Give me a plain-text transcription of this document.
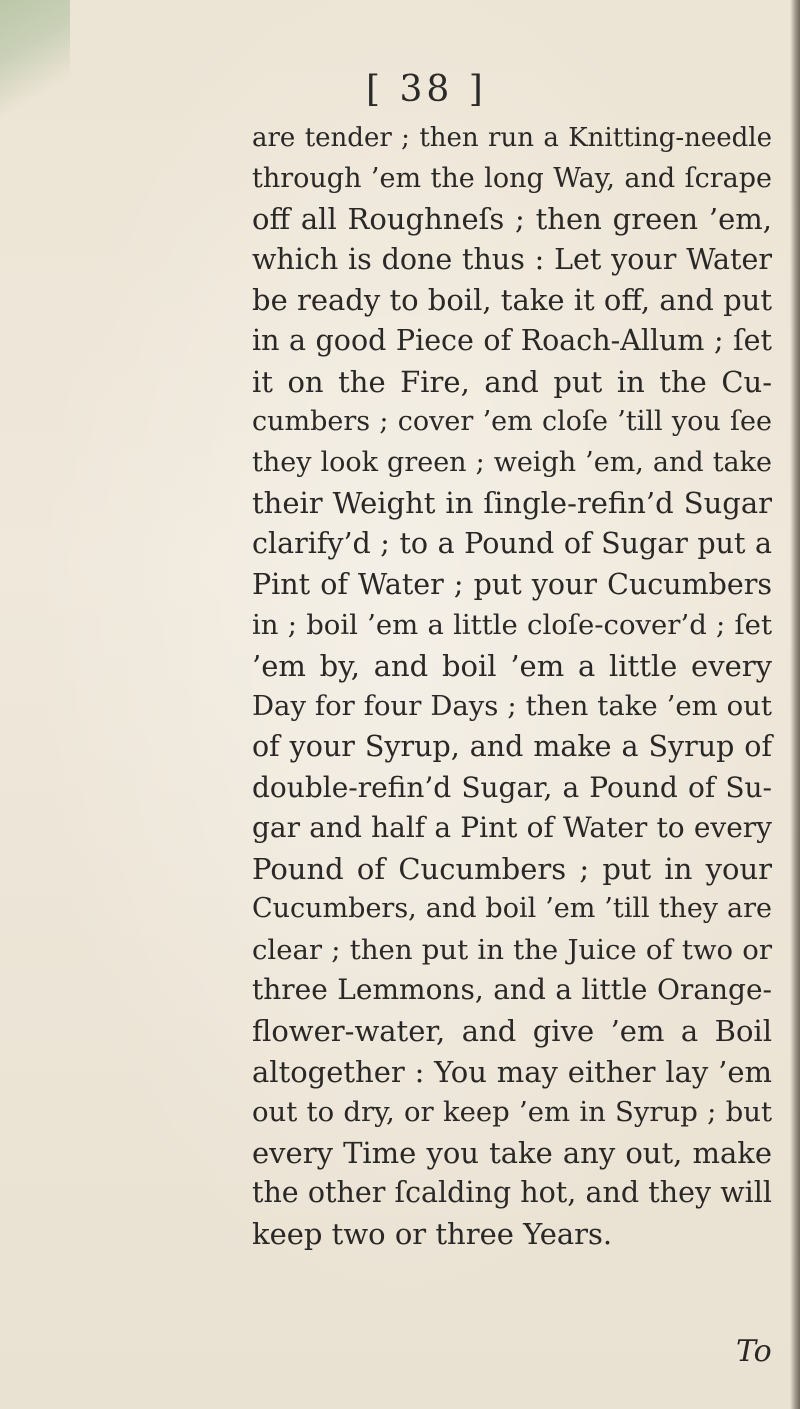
[ 38 ]
are tender ; then run a Knitting-needle
through ’em the long Way, and ſcrape
off all Roughneſs ; then green ’em,
which is done thus : Let your Water
be ready to boil, take it off, and put
in a good Piece of Roach-Allum ; ſet
it on the Fire, and put in the Cu-
cumbers ; cover ’em cloſe ’till you ſee
they look green ; weigh ’em, and take
their Weight in ſingle-refin’d Sugar
clarify’d ; to a Pound of Sugar put a
Pint of Water ; put your Cucumbers
in ; boil ’em a little cloſe-cover’d ; ſet
’em by, and boil ’em a little every
Day for four Days ; then take ’em out
of your Syrup, and make a Syrup of
double-refin’d Sugar, a Pound of Su-
gar and half a Pint of Water to every
Pound of Cucumbers ; put in your
Cucumbers, and boil ’em ’till they are
clear ; then put in the Juice of two or
three Lemmons, and a little Orange-
flower-water, and give ’em a Boil
altogether : You may either lay ’em
out to dry, or keep ’em in Syrup ; but
every Time you take any out, make
the other ſcalding hot, and they will
keep two or three Years.
To
